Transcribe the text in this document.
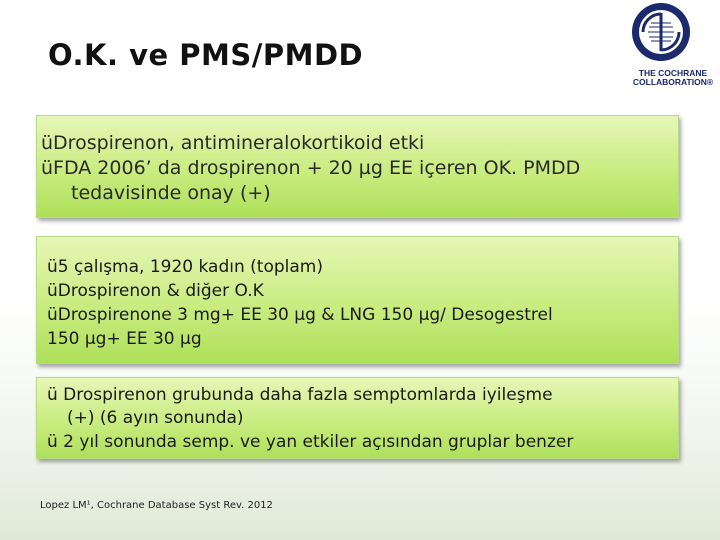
O.K. ve PMS/PMDD
THE COCHRANE
COLLABORATION®
üDrospirenon, antimineralokortikoid etki
üFDA 2006’ da drospirenon + 20 µg EE içeren OK. PMDD
tedavisinde onay (+)
ü5 çalışma, 1920 kadın (toplam)
üDrospirenon & diğer O.K
üDrospirenone 3 mg+ EE 30 µg & LNG 150 µg/ Desogestrel
150 µg+ EE 30 µg
ü Drospirenon grubunda daha fazla semptomlarda iyileşme
(+) (6 ayın sonunda)
ü 2 yıl sonunda semp. ve yan etkiler açısından gruplar benzer
Lopez LM¹, Cochrane Database Syst Rev. 2012
